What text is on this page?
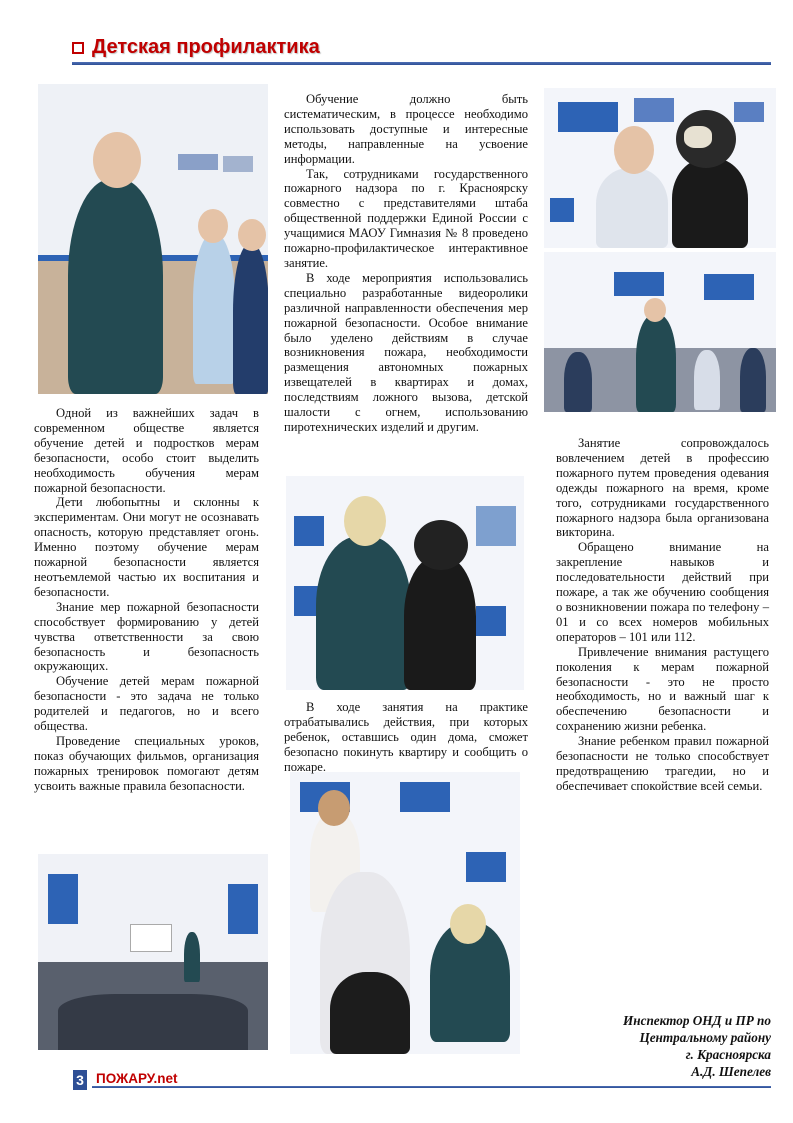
Детская профилактика

Одной из важнейших задач в современном обществе является обучение детей и подростков мерам безопасности, особо стоит выделить необходимость обучения мерам пожарной безопасности.

Дети любопытны и склонны к экспериментам. Они могут не осознавать опасность, которую представляет огонь. Именно поэтому обучение мерам пожарной безопасности является неотъемлемой частью их воспитания и безопасности.

Знание мер пожарной безопасности способствует формированию у детей чувства ответственности за свою безопасность и безопасность окружающих.

Обучение детей мерам пожарной безопасности - это задача не только родителей и педагогов, но и всего общества.

Проведение специальных уроков, показ обучающих фильмов, организация пожарных тренировок помогают детям усвоить важные правила безопасности.

Обучение должно быть систематическим, в процессе необходимо использовать доступные и интересные методы, направленные на усвоение информации.

Так, сотрудниками государственного пожарного надзора по г. Красноярску совместно с представителями штаба общественной поддержки Единой России с учащимися МАОУ Гимназия № 8 проведено пожарно-профилактическое интерактивное занятие.

В ходе мероприятия использовались специально разработанные видеоролики различной направленности обеспечения мер пожарной безопасности. Особое внимание было уделено действиям в случае возникновения пожара, необходимости размещения автономных пожарных извещателей в квартирах и домах, последствиям ложного вызова, детской шалости с огнем, использованию пиротехнических изделий и другим.

В ходе занятия на практике отрабатывались действия, при которых ребенок, оставшись один дома, сможет безопасно покинуть квартиру и сообщить о пожаре.

Занятие сопровождалось вовлечением детей в профессию пожарного путем проведения одевания одежды пожарного на время, кроме того, сотрудниками государственного пожарного надзора была организована викторина.

Обращено внимание на закрепление навыков и последовательности действий при пожаре, а так же обучению сообщения о возникновении пожара по телефону – 01 и со всех номеров мобильных операторов – 101 или 112.

Привлечение внимания растущего поколения к мерам пожарной безопасности - это не просто необходимость, но и важный шаг к обеспечению безопасности и сохранению жизни ребенка.

Знание ребенком правил пожарной безопасности не только способствует предотвращению трагедии, но и обеспечивает спокойствие всей семьи.

Инспектор ОНД и ПР по
Центральному району
г. Красноярска
А.Д. Шепелев
3 ПОЖАРУ.net
